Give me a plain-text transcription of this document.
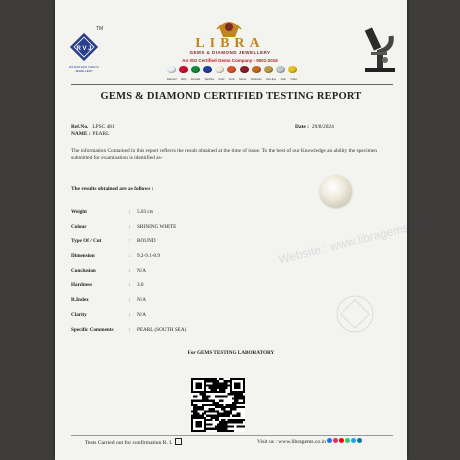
TM
R V J
RAJASTHAN VIDHYA JEWELLERY
LIBRA
GEMS & DIAMOND JEWELLERY
An ISO Certified Gems Company - 9001-2015
Diamond Ruby Emerald Sapphire Pearl Coral Garnet Hessonite Cat's Eye Opal Yellow
GEMS & DIAMOND CERTIFIED TESTING REPORT
Ref.No. LPSC 481
NAME : PEARL
Date : 29/8/2024
The information Contained in this report reflects the result obtained at the time of issue. To the best of our Knowledge an ability the specimen submitted for examination is identified as-
The results obtained are as follows :
Weight	:	5.03 cts
Colour	:	SHINING WHITE
Type Of / Cut	:	ROUND
Dimension	:	9.2-9.1-8.9
Conclusion	:	N/A
Hardness	:	3.0
R.Index	:	N/A
Clarity	:	N/A
Specific Comments	:	PEARL (SOUTH SEA)
Website : www.libragems.co.in
For GEMS TESTING LABORATORY
Tests Carried out for confirmation R. I.	Visit us : www.libragems.co.in
